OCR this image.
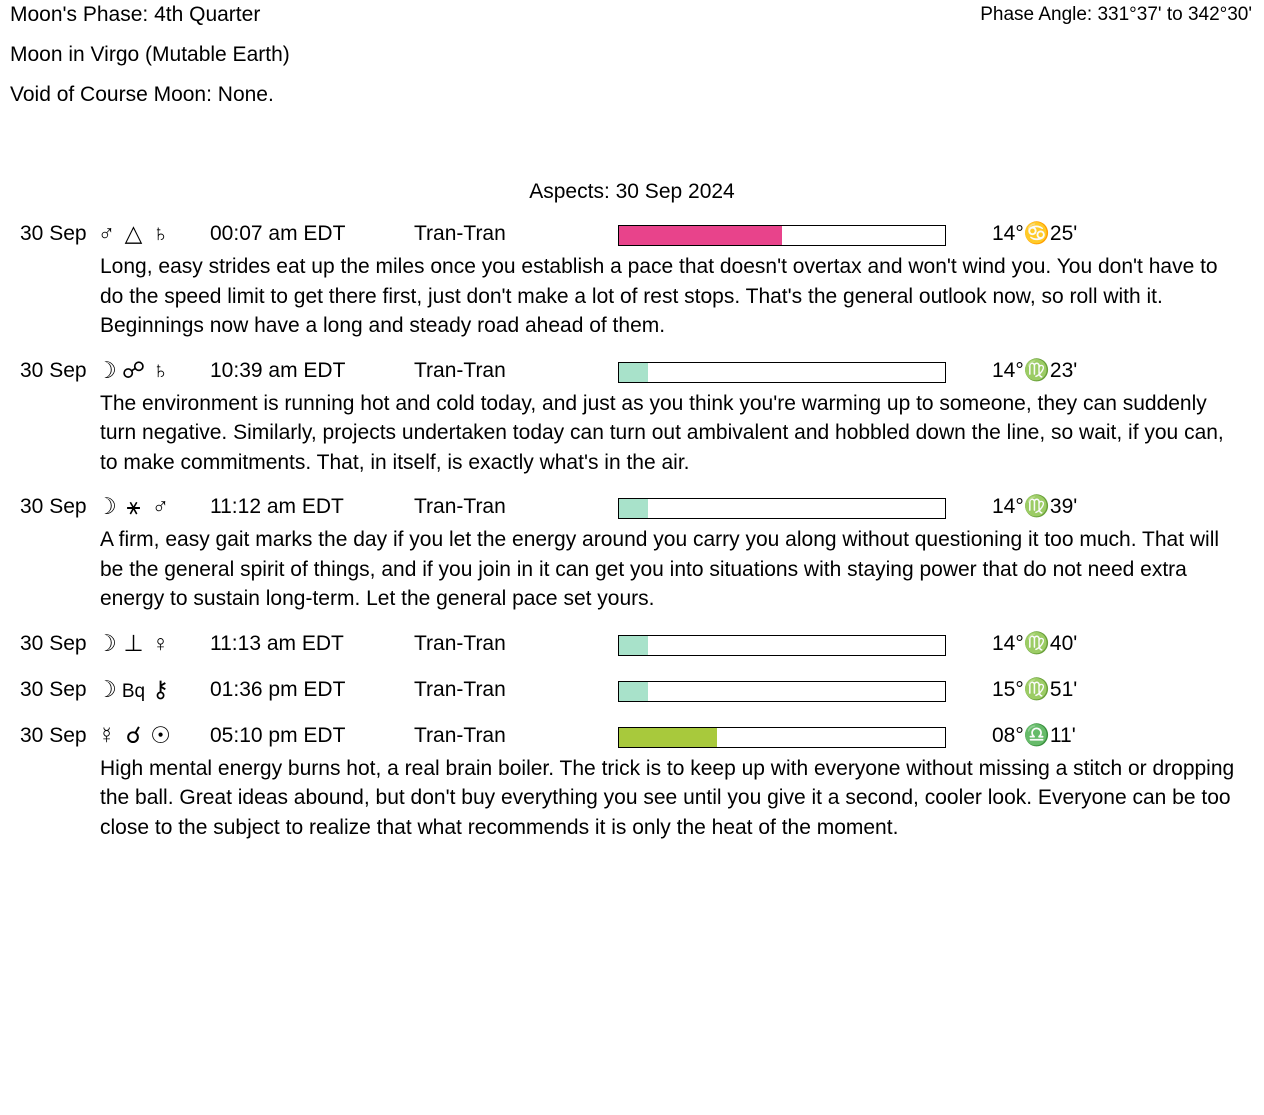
Moon's Phase: 4th Quarter	Phase Angle: 331°37' to 342°30'
Moon in Virgo (Mutable Earth)
Void of Course Moon: None.
Aspects: 30 Sep 2024
30 Sep ♂ △ ♄ 00:07 am EDT	Tran-Tran	14°♋25'
Long, easy strides eat up the miles once you establish a pace that doesn't overtax and won't wind you. You don't have to do the speed limit to get there first, just don't make a lot of rest stops. That's the general outlook now, so roll with it. Beginnings now have a long and steady road ahead of them.
30 Sep ☽ ☍ ♄ 10:39 am EDT	Tran-Tran	14°♍23'
The environment is running hot and cold today, and just as you think you're warming up to someone, they can suddenly turn negative. Similarly, projects undertaken today can turn out ambivalent and hobbled down the line, so wait, if you can, to make commitments. That, in itself, is exactly what's in the air.
30 Sep ☽ ⚹ ♂ 11:12 am EDT	Tran-Tran	14°♍39'
A firm, easy gait marks the day if you let the energy around you carry you along without questioning it too much. That will be the general spirit of things, and if you join in it can get you into situations with staying power that do not need extra energy to sustain long-term. Let the general pace set yours.
30 Sep ☽ ⊥ ♀ 11:13 am EDT	Tran-Tran	14°♍40'
30 Sep ☽ Bq ⚷ 01:36 pm EDT	Tran-Tran	15°♍51'
30 Sep ☿ ☌ ☉ 05:10 pm EDT	Tran-Tran	08°♎11'
High mental energy burns hot, a real brain boiler. The trick is to keep up with everyone without missing a stitch or dropping the ball. Great ideas abound, but don't buy everything you see until you give it a second, cooler look. Everyone can be too close to the subject to realize that what recommends it is only the heat of the moment.
